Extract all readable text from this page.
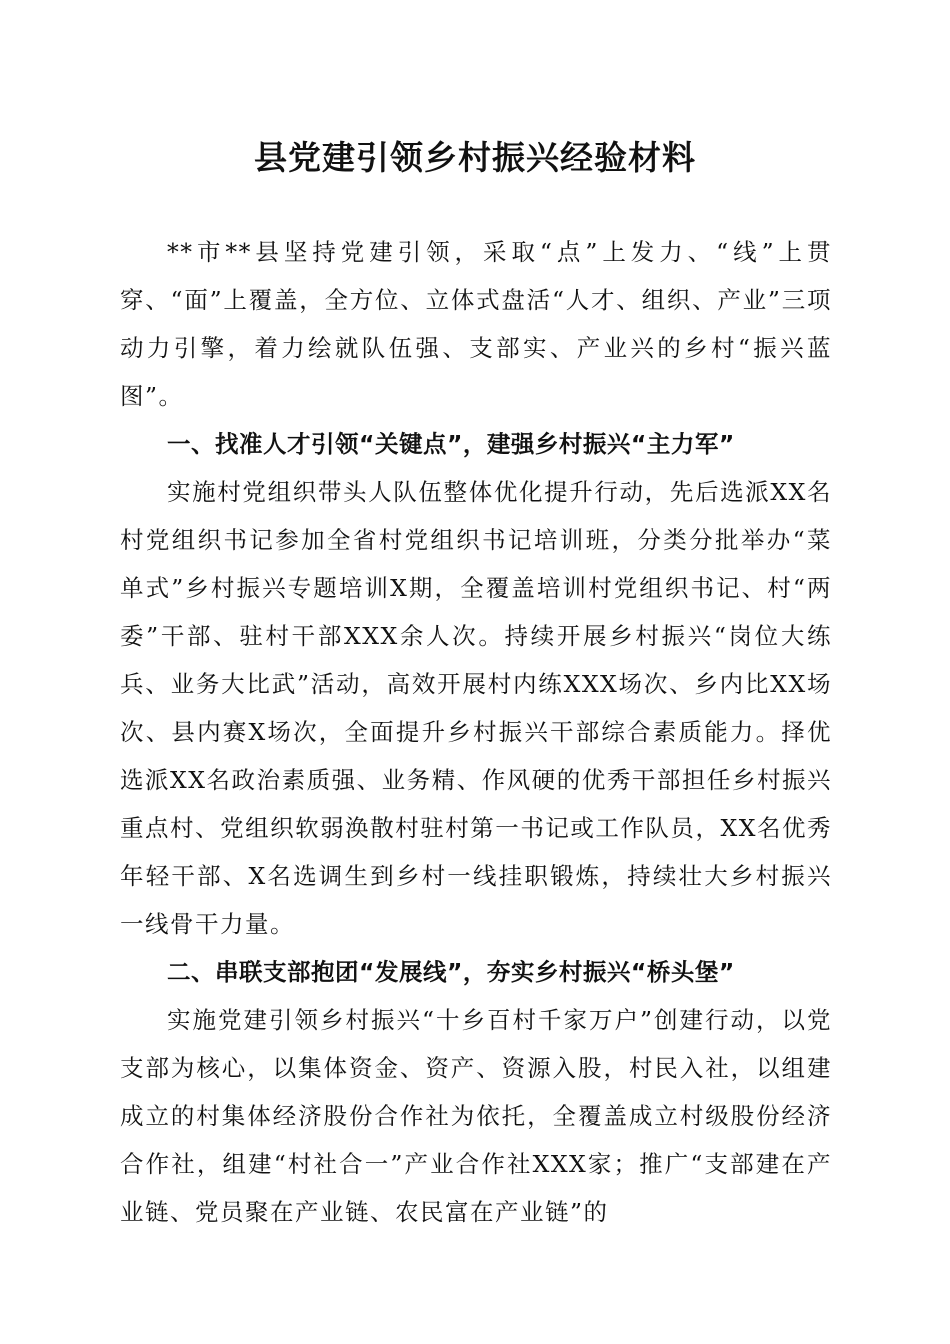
县党建引领乡村振兴经验材料

**市**县坚持党建引领，采取“点”上发力、“线”上贯穿、“面”上覆盖，全方位、立体式盘活“人才、组织、产业”三项动力引擎，着力绘就队伍强、支部实、产业兴的乡村“振兴蓝图”。

一、找准人才引领“关键点”，建强乡村振兴“主力军”

实施村党组织带头人队伍整体优化提升行动，先后选派XX名村党组织书记参加全省村党组织书记培训班，分类分批举办“菜单式”乡村振兴专题培训X期，全覆盖培训村党组织书记、村“两委”干部、驻村干部XXX余人次。持续开展乡村振兴“岗位大练兵、业务大比武”活动，高效开展村内练XXX场次、乡内比XX场次、县内赛X场次，全面提升乡村振兴干部综合素质能力。择优选派XX名政治素质强、业务精、作风硬的优秀干部担任乡村振兴重点村、党组织软弱涣散村驻村第一书记或工作队员，XX名优秀年轻干部、X名选调生到乡村一线挂职锻炼，持续壮大乡村振兴一线骨干力量。

二、串联支部抱团“发展线”，夯实乡村振兴“桥头堡”

实施党建引领乡村振兴“十乡百村千家万户”创建行动，以党支部为核心，以集体资金、资产、资源入股，村民入社，以组建成立的村集体经济股份合作社为依托，全覆盖成立村级股份经济合作社，组建“村社合一”产业合作社XXX家；推广“支部建在产业链、党员聚在产业链、农民富在产业链”的
